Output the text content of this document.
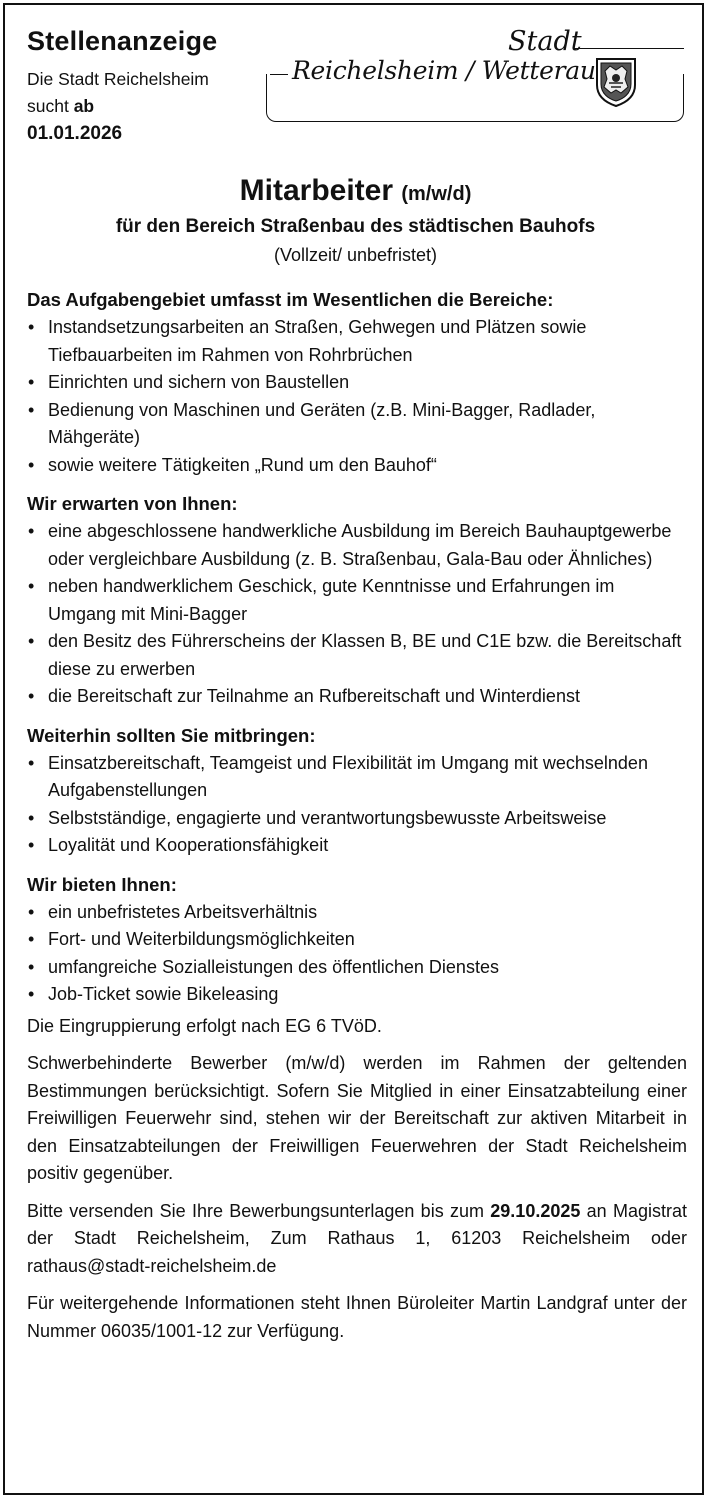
Stellenanzeige
Die Stadt Reichelsheim
sucht ab
01.01.2026
Stadt
Reichelsheim / Wetterau
Mitarbeiter (m/w/d)
für den Bereich Straßenbau des städtischen Bauhofs
(Vollzeit/ unbefristet)
Das Aufgabengebiet umfasst im Wesentlichen die Bereiche:
• Instandsetzungsarbeiten an Straßen, Gehwegen und Plätzen sowie Tiefbauarbeiten im Rahmen von Rohrbrüchen
• Einrichten und sichern von Baustellen
• Bedienung von Maschinen und Geräten (z.B. Mini-Bagger, Radlader, Mähgeräte)
• sowie weitere Tätigkeiten „Rund um den Bauhof“
Wir erwarten von Ihnen:
• eine abgeschlossene handwerkliche Ausbildung im Bereich Bauhauptgewerbe oder vergleichbare Ausbildung (z. B. Straßenbau, Gala-Bau oder Ähnliches)
• neben handwerklichem Geschick, gute Kenntnisse und Erfahrungen im Umgang mit Mini-Bagger
• den Besitz des Führerscheins der Klassen B, BE und C1E bzw. die Bereitschaft diese zu erwerben
• die Bereitschaft zur Teilnahme an Rufbereitschaft und Winterdienst
Weiterhin sollten Sie mitbringen:
• Einsatzbereitschaft, Teamgeist und Flexibilität im Umgang mit wechselnden Aufgabenstellungen
• Selbstständige, engagierte und verantwortungsbewusste Arbeitsweise
• Loyalität und Kooperationsfähigkeit
Wir bieten Ihnen:
• ein unbefristetes Arbeitsverhältnis
• Fort- und Weiterbildungsmöglichkeiten
• umfangreiche Sozialleistungen des öffentlichen Dienstes
• Job-Ticket sowie Bikeleasing

Die Eingruppierung erfolgt nach EG 6 TVöD.

Schwerbehinderte Bewerber (m/w/d) werden im Rahmen der geltenden Bestimmungen berücksichtigt. Sofern Sie Mitglied in einer Einsatzabteilung einer Freiwilligen Feuerwehr sind, stehen wir der Bereitschaft zur aktiven Mitarbeit in den Einsatzabteilungen der Freiwilligen Feuerwehren der Stadt Reichelsheim positiv gegenüber.

Bitte versenden Sie Ihre Bewerbungsunterlagen bis zum 29.10.2025 an Magistrat der Stadt Reichelsheim, Zum Rathaus 1, 61203 Reichelsheim oder rathaus@stadt-reichelsheim.de

Für weitergehende Informationen steht Ihnen Büroleiter Martin Landgraf unter der Nummer 06035/1001-12 zur Verfügung.
